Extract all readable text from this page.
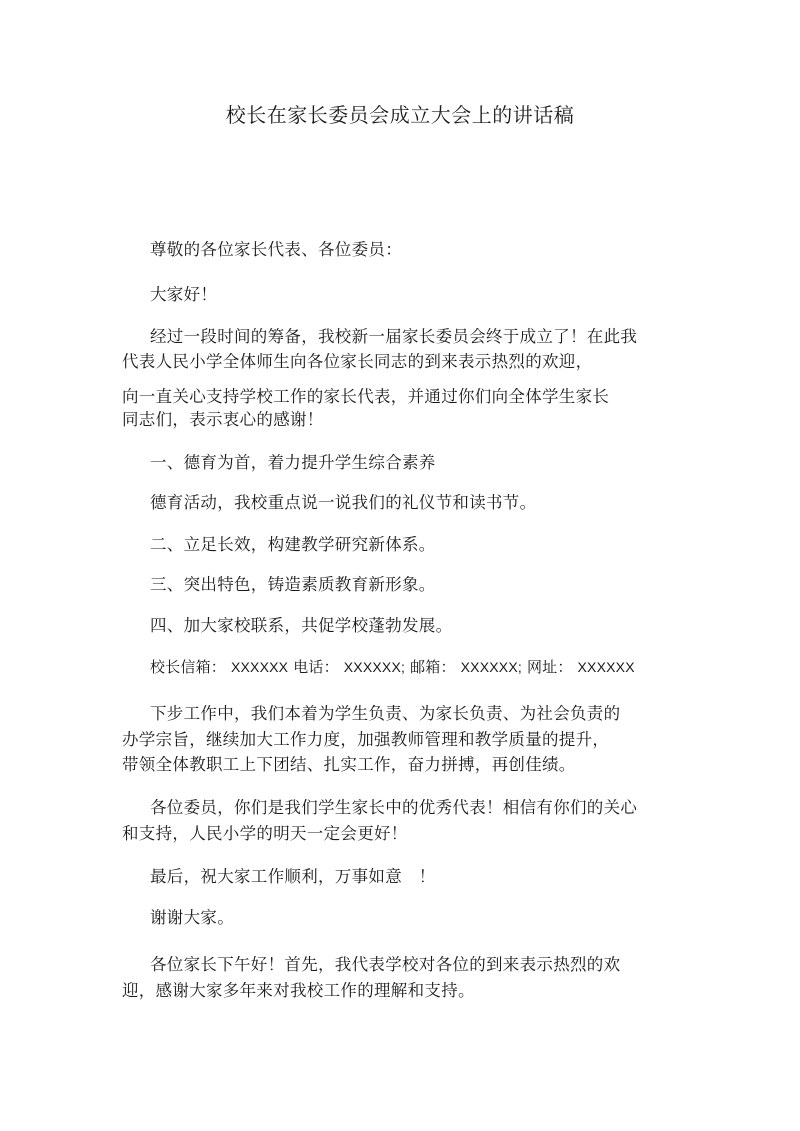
校长在家长委员会成立大会上的讲话稿
尊敬的各位家长代表、各位委员：
大家好！
经过一段时间的筹备，我校新一届家长委员会终于成立了！在此我
代表人民小学全体师生向各位家长同志的到来表示热烈的欢迎，
向一直关心支持学校工作的家长代表，并通过你们向全体学生家长
同志们，表示衷心的感谢！
一、德育为首，着力提升学生综合素养
德育活动，我校重点说一说我们的礼仪节和读书节。
二、立足长效，构建教学研究新体系。
三、突出特色，铸造素质教育新形象。
四、加大家校联系，共促学校蓬勃发展。
校长信箱： XXXXXX 电话： XXXXXX; 邮箱： XXXXXX; 网址： XXXXXX
下步工作中，我们本着为学生负责、为家长负责、为社会负责的
办学宗旨，继续加大工作力度，加强教师管理和教学质量的提升，
带领全体教职工上下团结、扎实工作，奋力拼搏，再创佳绩。
各位委员，你们是我们学生家长中的优秀代表！相信有你们的关心
和支持，人民小学的明天一定会更好！
最后，祝大家工作顺利，万事如意　！
谢谢大家。
各位家长下午好！首先，我代表学校对各位的到来表示热烈的欢
迎，感谢大家多年来对我校工作的理解和支持。
